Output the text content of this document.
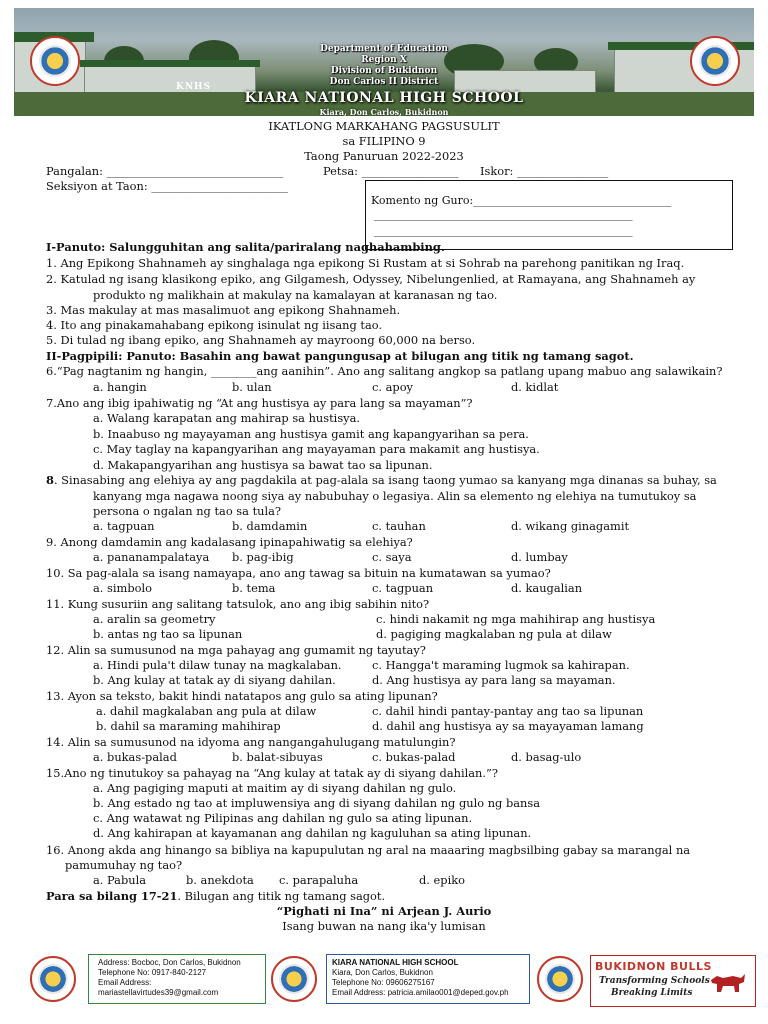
KNHS
Department of Education
Region X
Division of Bukidnon
Don Carlos II District
KIARA NATIONAL HIGH SCHOOL
Kiara, Don Carlos, Bukidnon
IKATLONG MARKAHANG PAGSUSULIT
sa FILIPINO 9
Taong Panuruan 2022-2023
Pangalan: _______________________________	Petsa: _________________ Iskor: ________________
Seksiyon at Taon: ________________________
Komento ng Guro:____________________________________
_______________________________________________
_______________________________________________
I-Panuto: Salungguhitan ang salita/pariralang naghahambing.
1. Ang Epikong Shahnameh ay singhalaga nga epikong Si Rustam at si Sohrab na parehong panitikan ng Iraq.
2. Katulad ng isang klasikong epiko, ang Gilgamesh, Odyssey, Nibelungenlied, at Ramayana, ang Shahnameh ay
produkto ng malikhain at makulay na kamalayan at karanasan ng tao.
3. Mas makulay at mas masalimuot ang epikong Shahnameh.
4. Ito ang pinakamahabang epikong isinulat ng iisang tao.
5. Di tulad ng ibang epiko, ang Shahnameh ay mayroong 60,000 na berso.
II-Pagpipili: Panuto: Basahin ang bawat pangungusap at bilugan ang titik ng tamang sagot.
6.“Pag nagtanim ng hangin, ________ang aanihin”. Ano ang salitang angkop sa patlang upang mabuo ang salawikain?
a. hangin	b. ulan	c. apoy	d. kidlat
7.Ano ang ibig ipahiwatig ng “At ang hustisya ay para lang sa mayaman”?
a. Walang karapatan ang mahirap sa hustisya.
b. Inaabuso ng mayayaman ang hustisya gamit ang kapangyarihan sa pera.
c. May taglay na kapangyarihan ang mayayaman para makamit ang hustisya.
d. Makapangyarihan ang hustisya sa bawat tao sa lipunan.
8. Sinasabing ang elehiya ay ang pagdakila at pag-alala sa isang taong yumao sa kanyang mga dinanas sa buhay, sa
kanyang mga nagawa noong siya ay nabubuhay o legasiya. Alin sa elemento ng elehiya na tumutukoy sa
persona o ngalan ng tao sa tula?
a. tagpuan	b. damdamin	c. tauhan	d. wikang ginagamit
9. Anong damdamin ang kadalasang ipinapahiwatig sa elehiya?
a. pananampalataya b. pag-ibig	c. saya	d. lumbay
10. Sa pag-alala sa isang namayapa, ano ang tawag sa bituin na kumatawan sa yumao?
a. simbolo	b. tema	c. tagpuan	d. kaugalian
11. Kung susuriin ang salitang tatsulok, ano ang ibig sabihin nito?
a. aralin sa geometry	c. hindi nakamit ng mga mahihirap ang hustisya
b. antas ng tao sa lipunan	d. pagiging magkalaban ng pula at dilaw
12. Alin sa sumusunod na mga pahayag ang gumamit ng tayutay?
a. Hindi pula't dilaw tunay na magkalaban.	c. Hangga't maraming lugmok sa kahirapan.
b. Ang kulay at tatak ay di siyang dahilan.	d. Ang hustisya ay para lang sa mayaman.
13. Ayon sa teksto, bakit hindi natatapos ang gulo sa ating lipunan?
a. dahil magkalaban ang pula at dilaw	c. dahil hindi pantay-pantay ang tao sa lipunan
b. dahil sa maraming mahihirap	d. dahil ang hustisya ay sa mayayaman lamang
14. Alin sa sumusunod na idyoma ang nangangahulugang matulungin?
a. bukas-palad	b. balat-sibuyas	c. bukas-palad	d. basag-ulo
15.Ano ng tinutukoy sa pahayag na “Ang kulay at tatak ay di siyang dahilan.”?
a. Ang pagiging maputi at maitim ay di siyang dahilan ng gulo.
b. Ang estado ng tao at impluwensiya ang di siyang dahilan ng gulo ng bansa
c. Ang watawat ng Pilipinas ang dahilan ng gulo sa ating lipunan.
d. Ang kahirapan at kayamanan ang dahilan ng kaguluhan sa ating lipunan.
16. Anong akda ang hinango sa bibliya na kapupulutan ng aral na maaaring magbsilbing gabay sa marangal na
pamumuhay ng tao?
a. Pabula	b. anekdota c. parapaluha	d. epiko
Para sa bilang 17-21. Bilugan ang titik ng tamang sagot.
“Pighati ni Ina” ni Arjean J. Aurio
Isang buwan na nang ika'y lumisan
Address: Bocboc, Don Carlos, Bukidnon
Telephone No: 0917-840-2127
Email Address:
mariastellavirtudes39@gmail.com
KIARA NATIONAL HIGH SCHOOL
Kiara, Don Carlos, Bukidnon
Telephone No: 09606275167
Email Address: patricia.amilao001@deped.gov.ph
BUKIDNON BULLS
Transforming Schools
Breaking Limits
